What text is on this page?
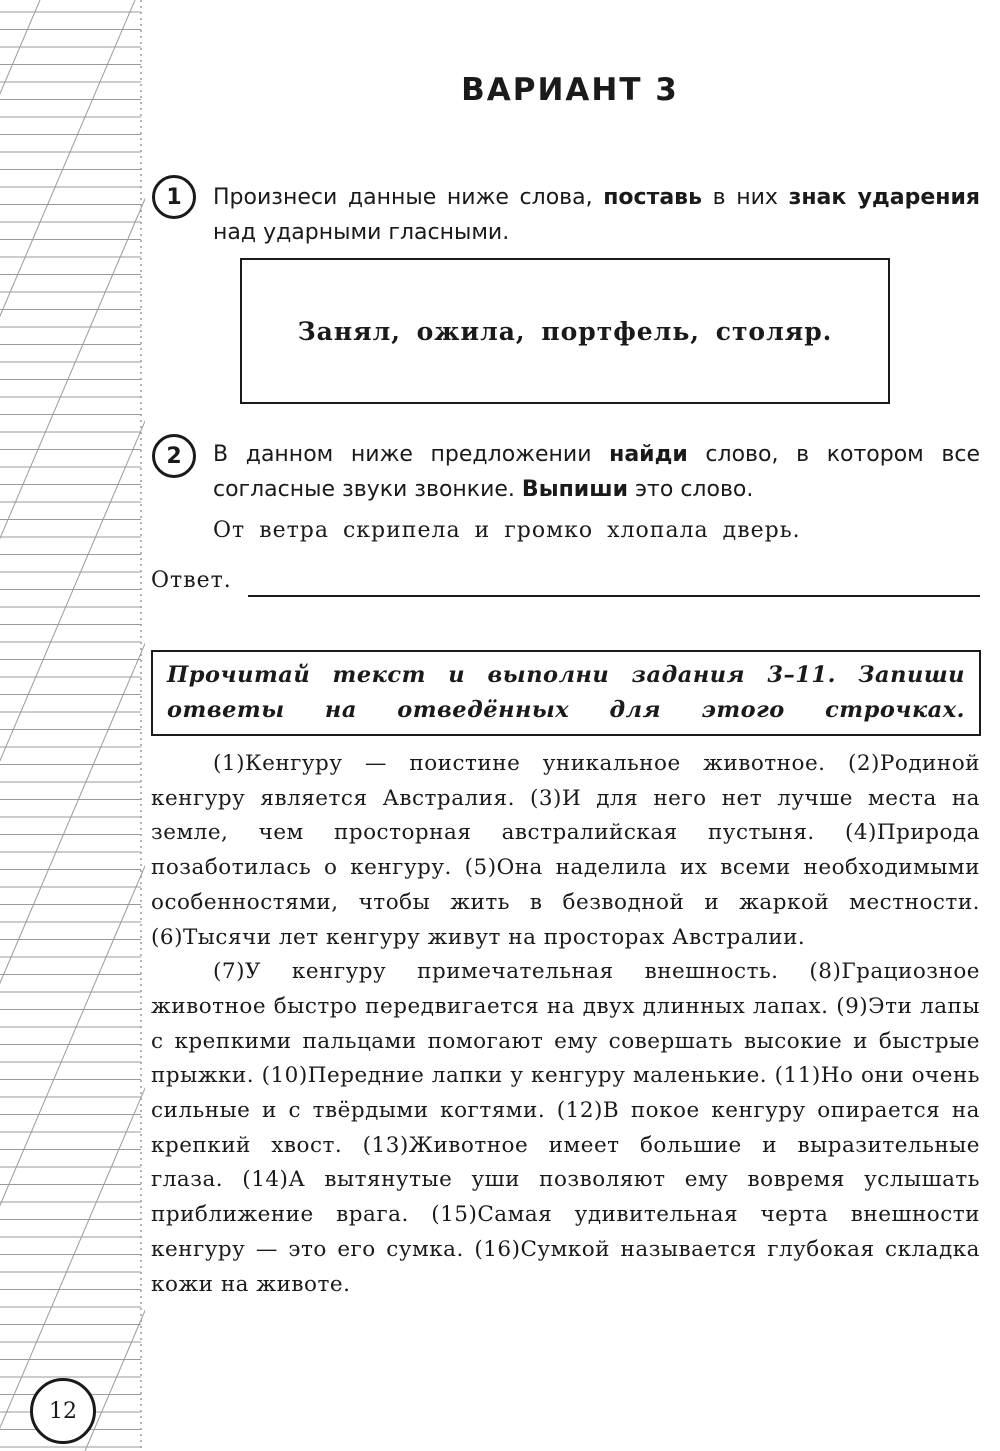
ВАРИАНТ 3
1	Произнеси данные ниже слова, поставь в них знак ударения над ударными гласными.
Занял, ожила, портфель, столяр.
2	В данном ниже предложении найди слово, в котором все согласные звуки звонкие. Выпиши это слово.
От ветра скрипела и громко хлопала дверь.
Ответ.
Прочитай текст и выполни задания 3–11. Запиши ответы на отведённых для этого строчках.

(1)Кенгуру — поистине уникальное животное. (2)Родиной кенгуру является Австралия. (3)И для него нет лучше места на земле, чем просторная австралийская пустыня. (4)Природа позаботилась о кенгуру. (5)Она наделила их всеми необходимыми особенностями, чтобы жить в безводной и жаркой местности. (6)Тысячи лет кенгуру живут на просторах Австралии.

(7)У кенгуру примечательная внешность. (8)Грациозное животное быстро передвигается на двух длинных лапах. (9)Эти лапы с крепкими пальцами помогают ему совершать высокие и быстрые прыжки. (10)Передние лапки у кенгуру маленькие. (11)Но они очень сильные и с твёрдыми когтями. (12)В покое кенгуру опирается на крепкий хвост. (13)Животное имеет большие и выразительные глаза. (14)А вытянутые уши позволяют ему вовремя услышать приближение врага. (15)Самая удивительная черта внешности кенгуру — это его сумка. (16)Сумкой называется глубокая складка кожи на животе.

12
